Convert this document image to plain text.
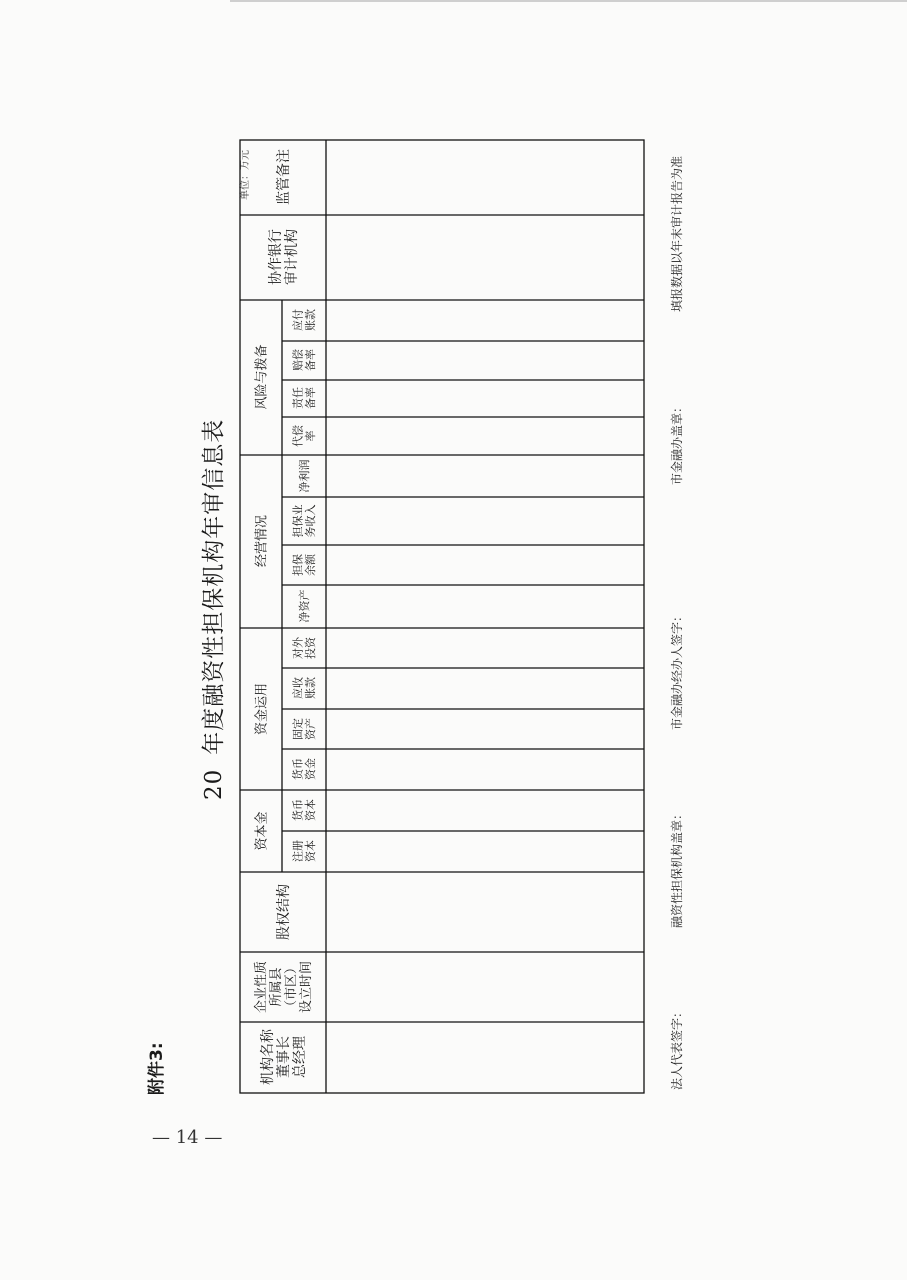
20年度融资性担保机构年审信息表
附件3:
单位：万元
— 14 —
法人代表签字：
融资性担保机构盖章：
市金融办经办人签字：
市金融办盖章：
填报数据以年末审计报告为准
机构名称董事长总经理
企业性质所属县（市区）设立时间
股权结构
资本金
资金运用
经营情况
风险与拨备
协作银行审计机构
监管备注
注册资本
货币资本
货币资金
固定资产
应收账款
对外投资
净资产
担保余额
担保业务收入
净利润
代偿率
责任备率
赔偿备率
应付账款
